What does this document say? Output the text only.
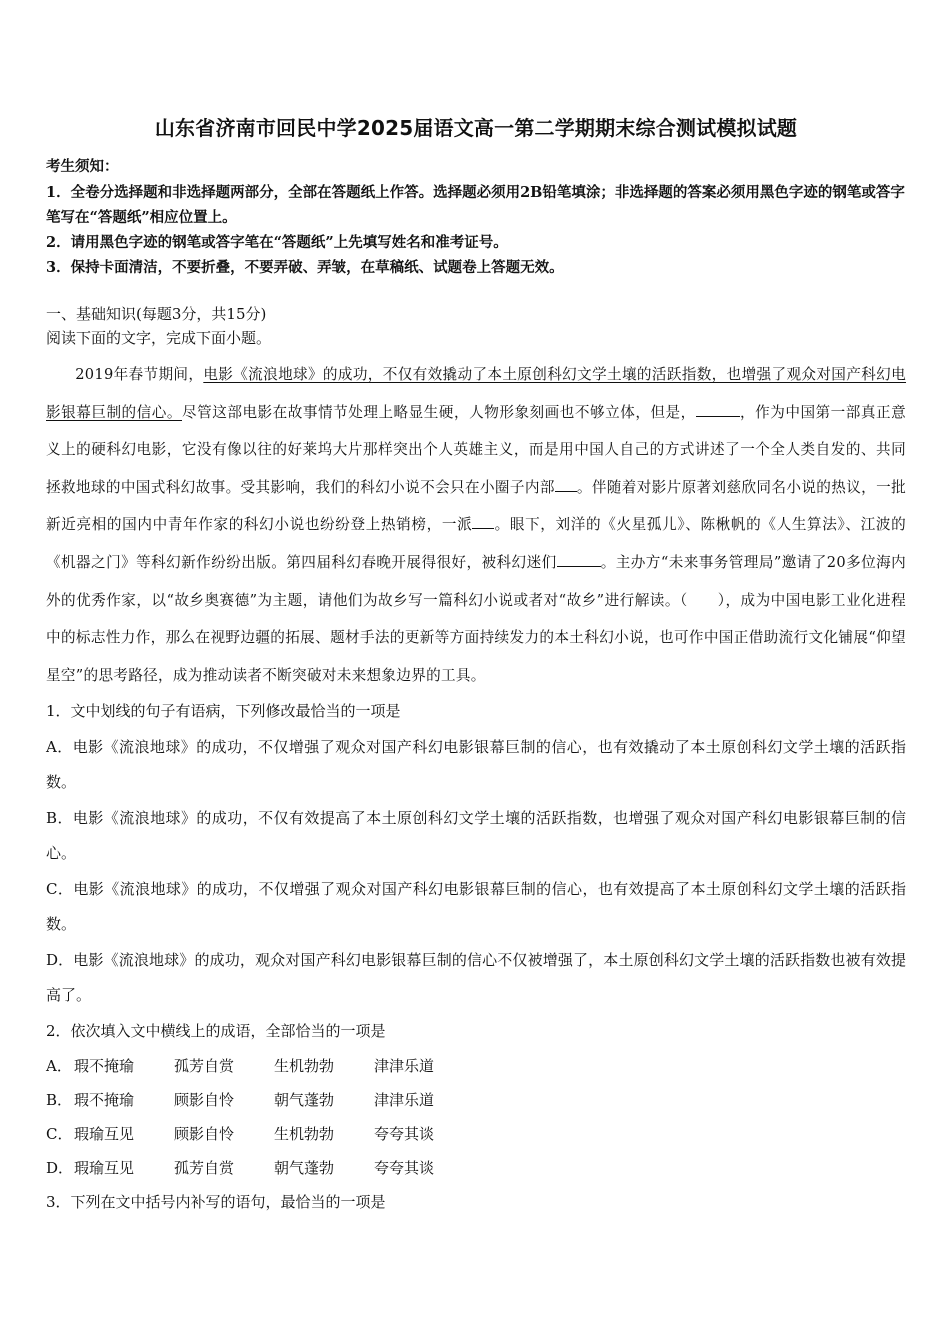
山东省济南市回民中学2025届语文高一第二学期期末综合测试模拟试题

考生须知：

1．全卷分选择题和非选择题两部分，全部在答题纸上作答。选择题必须用2B铅笔填涂；非选择题的答案必须用黑色字迹的钢笔或答字笔写在“答题纸”相应位置上。

2．请用黑色字迹的钢笔或答字笔在“答题纸”上先填写姓名和准考证号。

3．保持卡面清洁，不要折叠，不要弄破、弄皱，在草稿纸、试题卷上答题无效。

一、基础知识(每题3分，共15分)

阅读下面的文字，完成下面小题。

2019年春节期间，电影《流浪地球》的成功，不仅有效撬动了本土原创科幻文学土壤的活跃指数，也增强了观众对国产科幻电影银幕巨制的信心。尽管这部电影在故事情节处理上略显生硬，人物形象刻画也不够立体，但是，	，作为中国第一部真正意义上的硬科幻电影，它没有像以往的好莱坞大片那样突出个人英雄主义，而是用中国人自己的方式讲述了一个全人类自发的、共同拯救地球的中国式科幻故事。受其影响，我们的科幻小说不会只在小圈子内部 。伴随着对影片原著刘慈欣同名小说的热议，一批新近亮相的国内中青年作家的科幻小说也纷纷登上热销榜，一派 。眼下，刘洋的《火星孤儿》、陈楸帆的《人生算法》、江波的《机器之门》等科幻新作纷纷出版。第四届科幻春晚开展得很好，被科幻迷们	。主办方“未来事务管理局”邀请了20多位海内外的优秀作家，以“故乡奥赛德”为主题，请他们为故乡写一篇科幻小说或者对“故乡”进行解读。（　　），成为中国电影工业化进程中的标志性力作，那么在视野边疆的拓展、题材手法的更新等方面持续发力的本土科幻小说，也可作中国正借助流行文化铺展“仰望星空”的思考路径，成为推动读者不断突破对未来想象边界的工具。

1．文中划线的句子有语病，下列修改最恰当的一项是

A．电影《流浪地球》的成功，不仅增强了观众对国产科幻电影银幕巨制的信心，也有效撬动了本土原创科幻文学土壤的活跃指数。

B．电影《流浪地球》的成功，不仅有效提高了本土原创科幻文学土壤的活跃指数，也增强了观众对国产科幻电影银幕巨制的信心。

C．电影《流浪地球》的成功，不仅增强了观众对国产科幻电影银幕巨制的信心，也有效提高了本土原创科幻文学土壤的活跃指数。

D．电影《流浪地球》的成功，观众对国产科幻电影银幕巨制的信心不仅被增强了，本土原创科幻文学土壤的活跃指数也被有效提高了。

2．依次填入文中横线上的成语，全部恰当的一项是

A． 瑕不掩瑜	孤芳自赏	生机勃勃	津津乐道

B． 瑕不掩瑜	顾影自怜	朝气蓬勃	津津乐道

C． 瑕瑜互见	顾影自怜	生机勃勃	夸夸其谈

D．瑕瑜互见	孤芳自赏	朝气蓬勃	夸夸其谈

3．下列在文中括号内补写的语句，最恰当的一项是
